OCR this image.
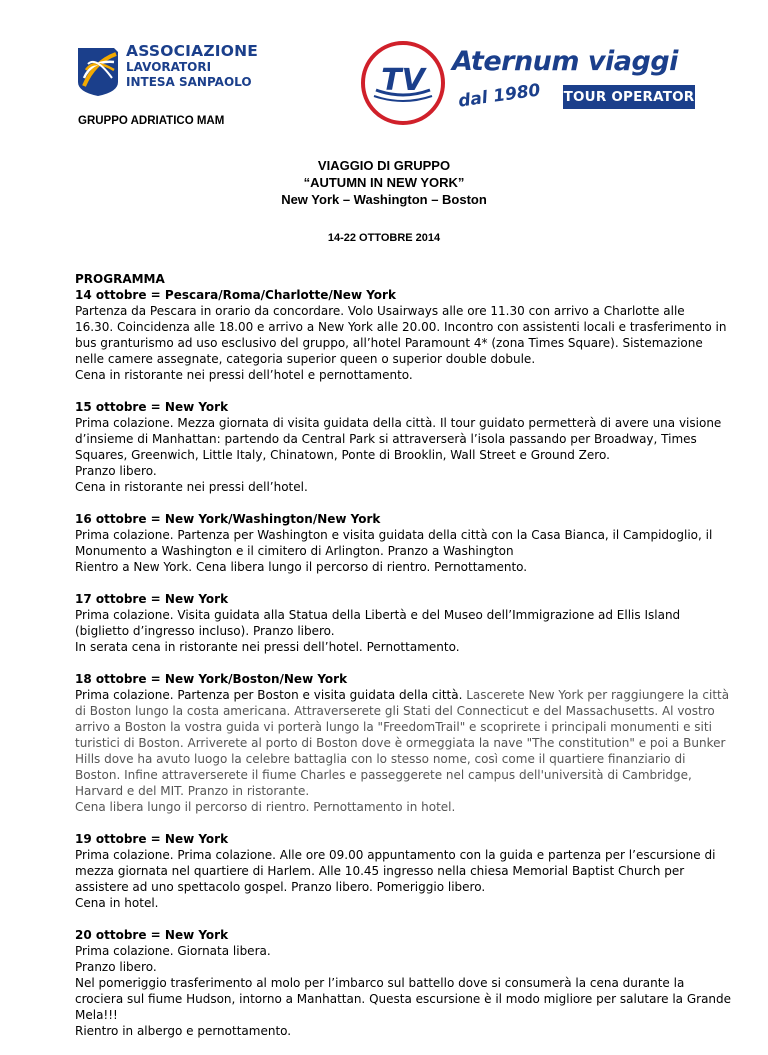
ASSOCIAZIONE
LAVORATORI
INTESA SANPAOLO	TV
Aternum viaggi
dal 1980 TOUR OPERATOR
GRUPPO ADRIATICO MAM
VIAGGIO DI GRUPPO
“AUTUMN IN NEW YORK”
New York – Washington – Boston
14-22 OTTOBRE 2014

PROGRAMMA

14 ottobre = Pescara/Roma/Charlotte/New York

Partenza da Pescara in orario da concordare. Volo Usairways alle ore 11.30 con arrivo a Charlotte alle

16.30. Coincidenza alle 18.00 e arrivo a New York alle 20.00. Incontro con assistenti locali e trasferimento in

bus granturismo ad uso esclusivo del gruppo, all’hotel Paramount 4* (zona Times Square). Sistemazione

nelle camere assegnate, categoria superior queen o superior double dobule.

Cena in ristorante nei pressi dell’hotel e pernottamento.

15 ottobre = New York

Prima colazione. Mezza giornata di visita guidata della città. Il tour guidato permetterà di avere una visione

d’insieme di Manhattan: partendo da Central Park si attraverserà l’isola passando per Broadway, Times

Squares, Greenwich, Little Italy, Chinatown, Ponte di Brooklin, Wall Street e Ground Zero.

Pranzo libero.

Cena in ristorante nei pressi dell’hotel.

16 ottobre = New York/Washington/New York

Prima colazione. Partenza per Washington e visita guidata della città con la Casa Bianca, il Campidoglio, il

Monumento a Washington e il cimitero di Arlington. Pranzo a Washington

Rientro a New York. Cena libera lungo il percorso di rientro. Pernottamento.

17 ottobre = New York

Prima colazione. Visita guidata alla Statua della Libertà e del Museo dell’Immigrazione ad Ellis Island

(biglietto d’ingresso incluso). Pranzo libero.

In serata cena in ristorante nei pressi dell’hotel. Pernottamento.

18 ottobre = New York/Boston/New York

Prima colazione. Partenza per Boston e visita guidata della città. Lascerete New York per raggiungere la città

di Boston lungo la costa americana. Attraverserete gli Stati del Connecticut e del Massachusetts. Al vostro

arrivo a Boston la vostra guida vi porterà lungo la "FreedomTrail" e scoprirete i principali monumenti e siti

turistici di Boston. Arriverete al porto di Boston dove è ormeggiata la nave "The constitution" e poi a Bunker

Hills dove ha avuto luogo la celebre battaglia con lo stesso nome, così come il quartiere finanziario di

Boston. Infine attraverserete il fiume Charles e passeggerete nel campus dell'università di Cambridge,

Harvard e del MIT. Pranzo in ristorante.

Cena libera lungo il percorso di rientro. Pernottamento in hotel.

19 ottobre = New York

Prima colazione. Prima colazione. Alle ore 09.00 appuntamento con la guida e partenza per l’escursione di

mezza giornata nel quartiere di Harlem. Alle 10.45 ingresso nella chiesa Memorial Baptist Church per

assistere ad uno spettacolo gospel. Pranzo libero. Pomeriggio libero.

Cena in hotel.

20 ottobre = New York

Prima colazione. Giornata libera.

Pranzo libero.

Nel pomeriggio trasferimento al molo per l’imbarco sul battello dove si consumerà la cena durante la

crociera sul fiume Hudson, intorno a Manhattan. Questa escursione è il modo migliore per salutare la Grande

Mela!!!

Rientro in albergo e pernottamento.
